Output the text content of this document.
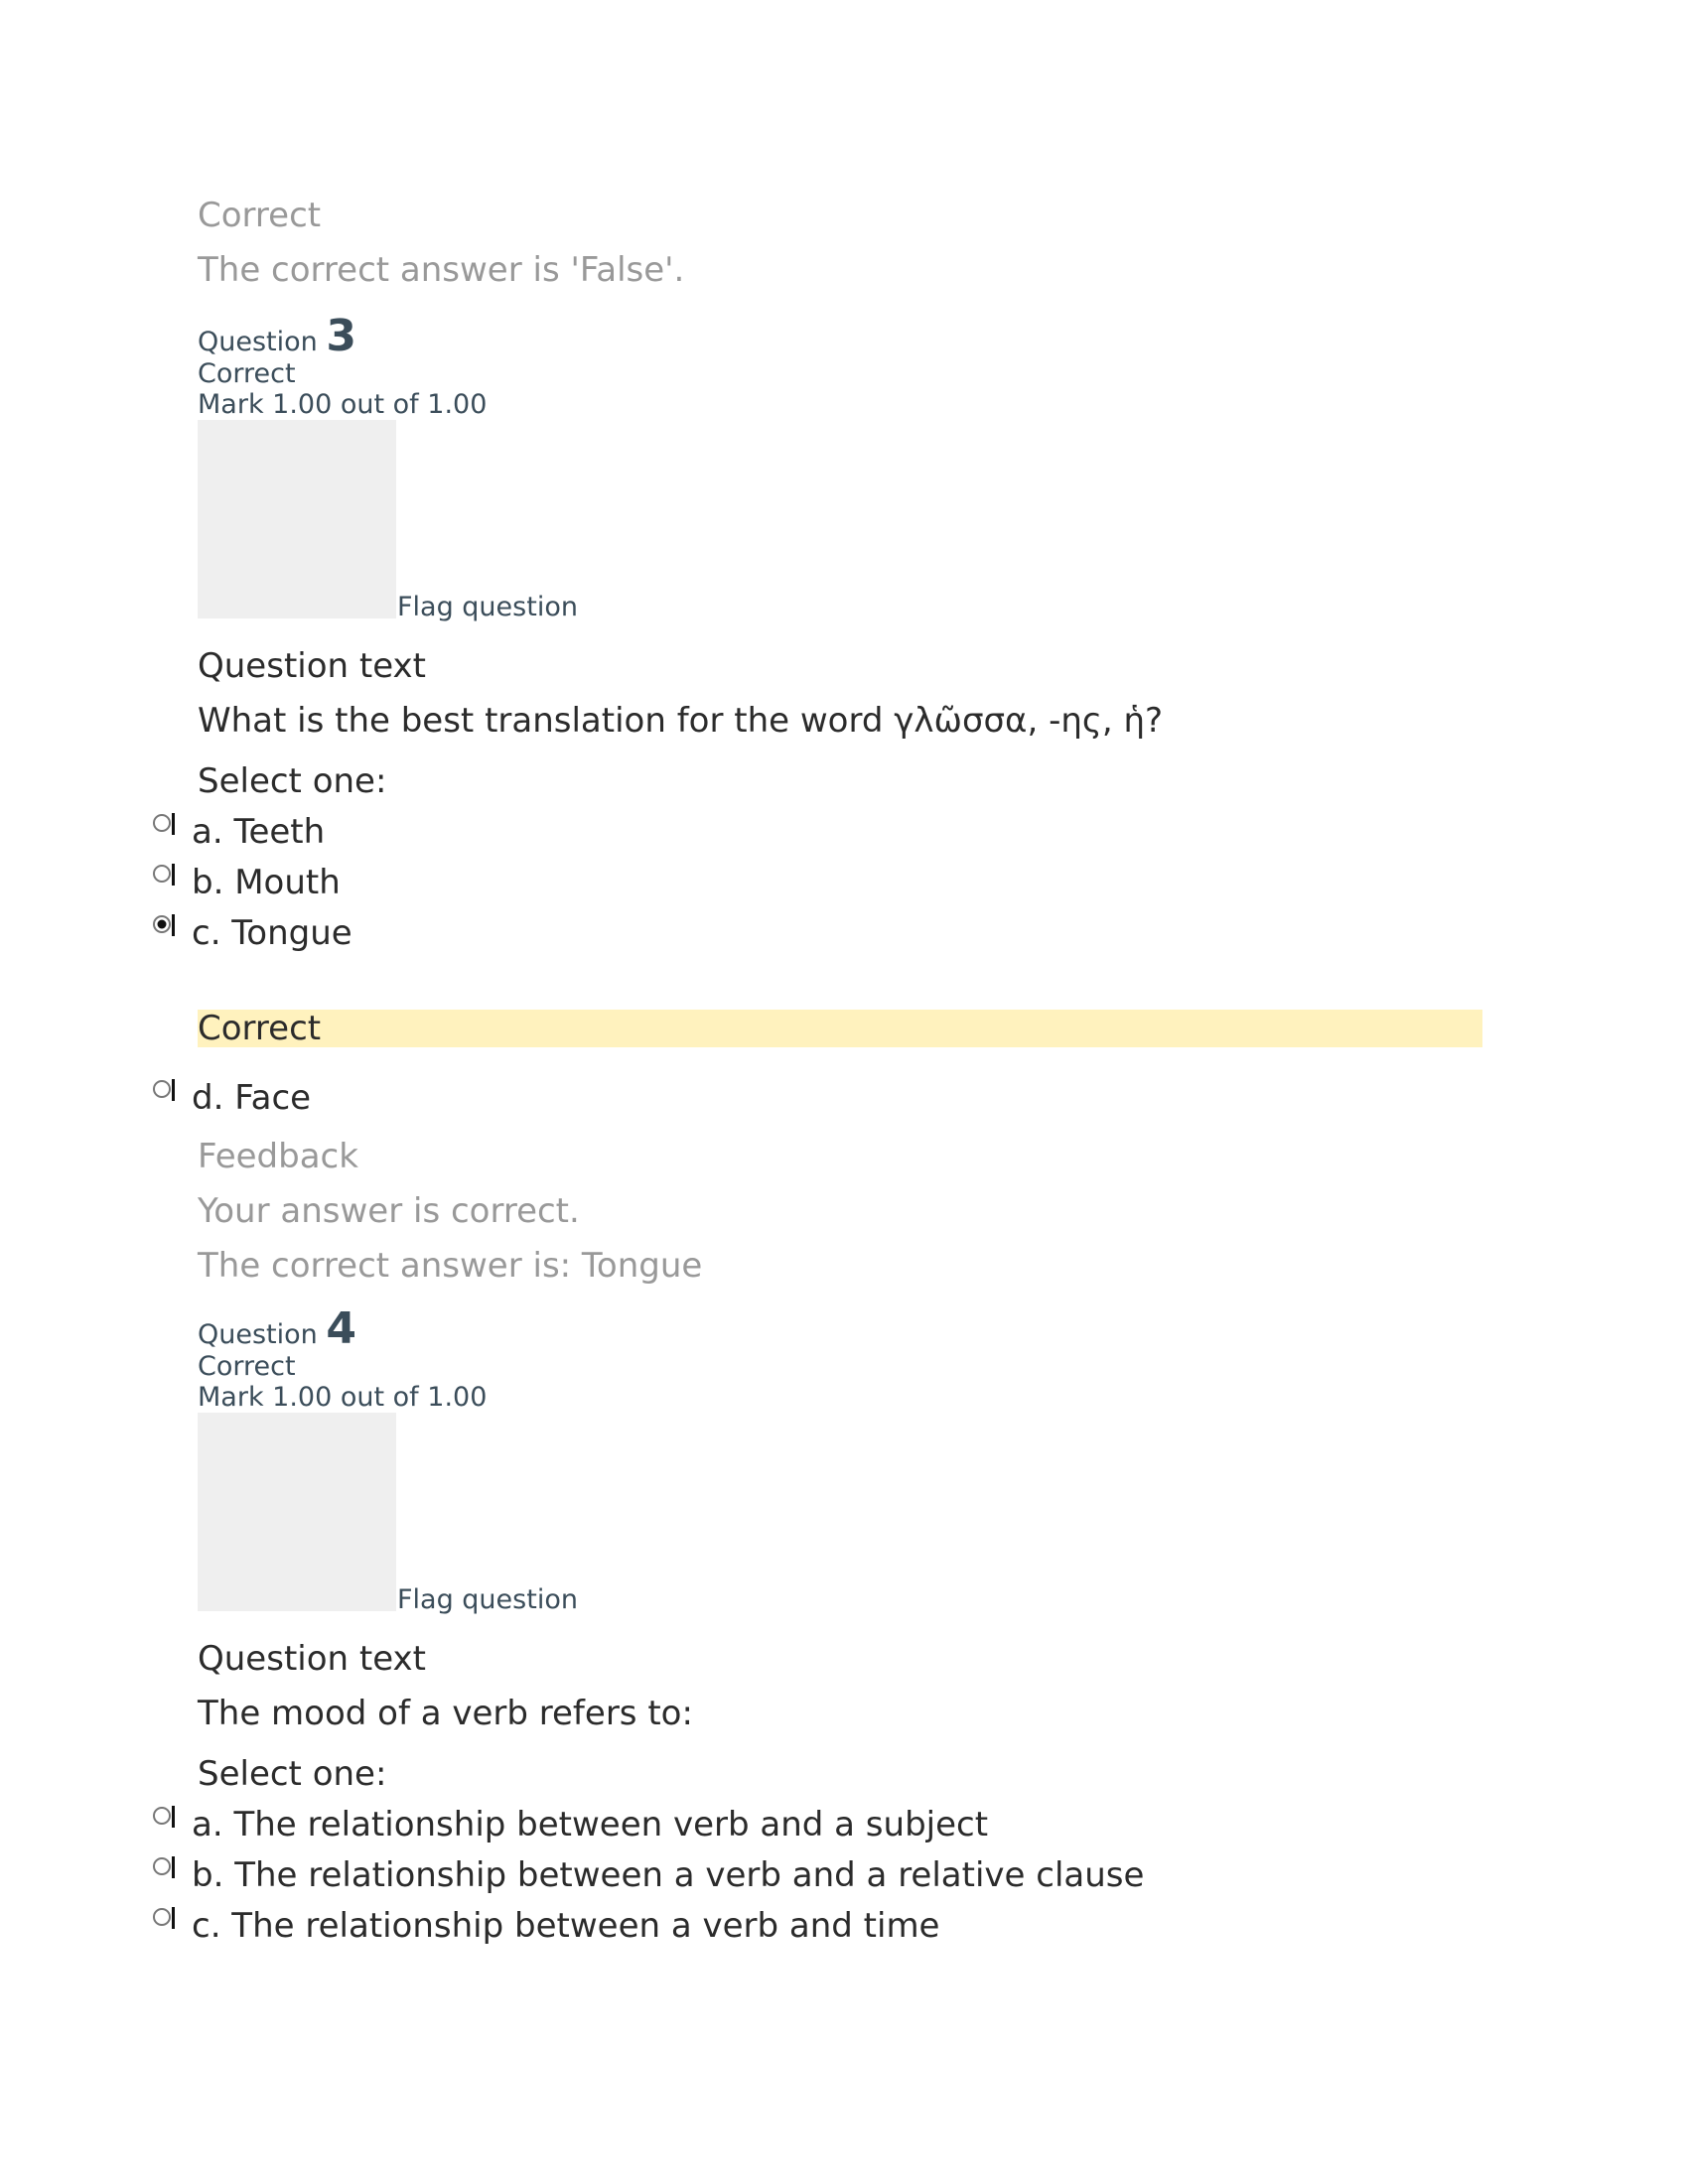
Correct
The correct answer is 'False'.
Question 3
Correct
Mark 1.00 out of 1.00
Flag question
Question text
What is the best translation for the word γλῶσσα, -ης, ἡ?
Select one:
a. Teeth
b. Mouth
c. Tongue
Correct
d. Face
Feedback
Your answer is correct.
The correct answer is: Tongue
Question 4
Correct
Mark 1.00 out of 1.00
Flag question
Question text
The mood of a verb refers to:
Select one:
a. The relationship between verb and a subject
b. The relationship between a verb and a relative clause
c. The relationship between a verb and time
